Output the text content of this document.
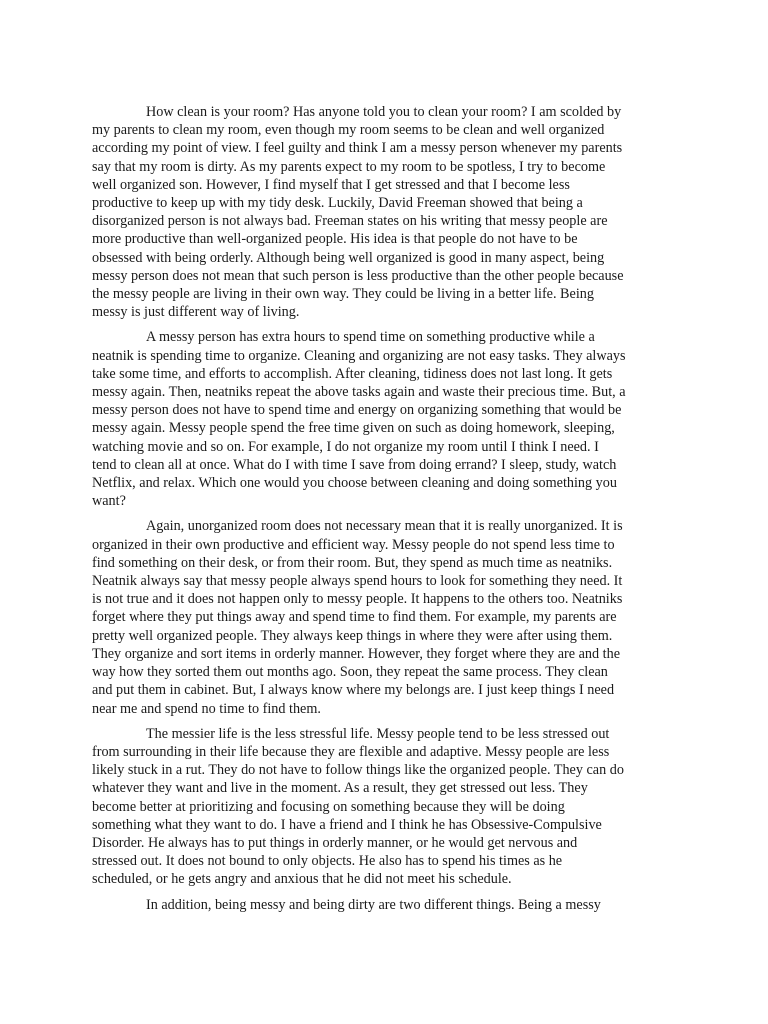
How clean is your room? Has anyone told you to clean your room? I am scolded by
my parents to clean my room, even though my room seems to be clean and well organized
according my point of view. I feel guilty and think I am a messy person whenever my parents
say that my room is dirty. As my parents expect to my room to be spotless, I try to become
well organized son. However, I find myself that I get stressed and that I become less
productive to keep up with my tidy desk. Luckily, David Freeman showed that being a
disorganized person is not always bad. Freeman states on his writing that messy people are
more productive than well-organized people. His idea is that people do not have to be
obsessed with being orderly. Although being well organized is good in many aspect, being
messy person does not mean that such person is less productive than the other people because
the messy people are living in their own way. They could be living in a better life. Being
messy is just different way of living.

A messy person has extra hours to spend time on something productive while a
neatnik is spending time to organize. Cleaning and organizing are not easy tasks. They always
take some time, and efforts to accomplish. After cleaning, tidiness does not last long. It gets
messy again. Then, neatniks repeat the above tasks again and waste their precious time. But, a
messy person does not have to spend time and energy on organizing something that would be
messy again. Messy people spend the free time given on such as doing homework, sleeping,
watching movie and so on. For example, I do not organize my room until I think I need. I
tend to clean all at once. What do I with time I save from doing errand? I sleep, study, watch
Netflix, and relax. Which one would you choose between cleaning and doing something you
want?

Again, unorganized room does not necessary mean that it is really unorganized. It is
organized in their own productive and efficient way. Messy people do not spend less time to
find something on their desk, or from their room. But, they spend as much time as neatniks.
Neatnik always say that messy people always spend hours to look for something they need. It
is not true and it does not happen only to messy people. It happens to the others too. Neatniks
forget where they put things away and spend time to find them. For example, my parents are
pretty well organized people. They always keep things in where they were after using them.
They organize and sort items in orderly manner. However, they forget where they are and the
way how they sorted them out months ago. Soon, they repeat the same process. They clean
and put them in cabinet. But, I always know where my belongs are. I just keep things I need
near me and spend no time to find them.

The messier life is the less stressful life. Messy people tend to be less stressed out
from surrounding in their life because they are flexible and adaptive. Messy people are less
likely stuck in a rut. They do not have to follow things like the organized people. They can do
whatever they want and live in the moment. As a result, they get stressed out less. They
become better at prioritizing and focusing on something because they will be doing
something what they want to do. I have a friend and I think he has Obsessive-Compulsive
Disorder. He always has to put things in orderly manner, or he would get nervous and
stressed out. It does not bound to only objects. He also has to spend his times as he
scheduled, or he gets angry and anxious that he did not meet his schedule.

In addition, being messy and being dirty are two different things. Being a messy
